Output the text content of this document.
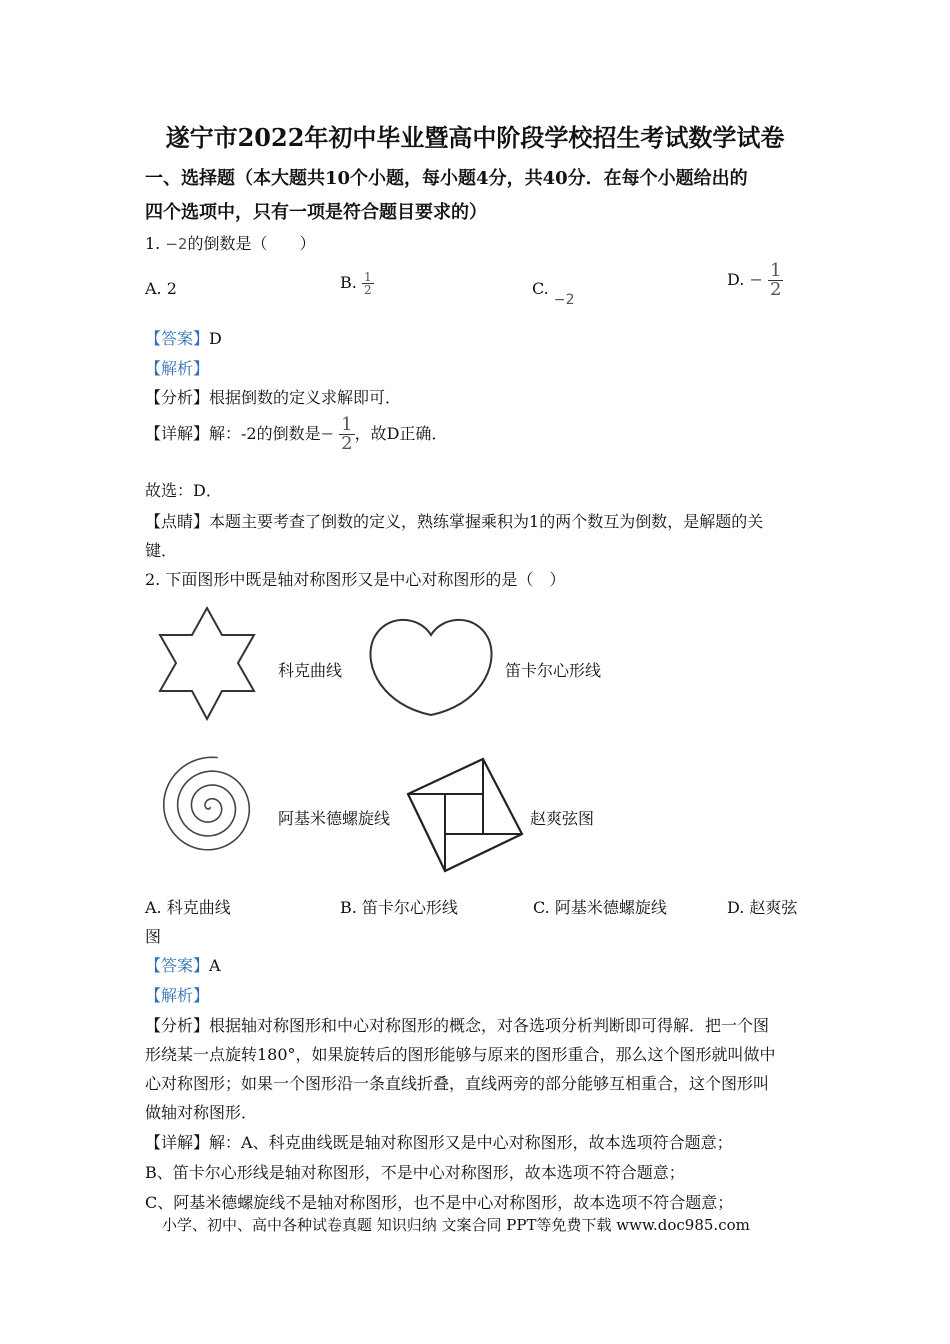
遂宁市2022年初中毕业暨高中阶段学校招生考试数学试卷
一、选择题（本大题共10个小题，每小题4分，共40分．在每个小题给出的
四个选项中，只有一项是符合题目要求的）
1. −2的倒数是（　　）
A. 2	B. $\frac{1}{2}$	C. −2
D. − $\frac{1}{2}$
【答案】D
【解析】
【分析】根据倒数的定义求解即可．
【详解】解：-2的倒数是− $\frac{1}{2}$ ，故D正确．
故选：D．
【点睛】本题主要考查了倒数的定义，熟练掌握乘积为1的两个数互为倒数，是解题的关
键．
2. 下面图形中既是轴对称图形又是中心对称图形的是（　）
科克曲线	笛卡尔心形线
阿基米德螺旋线	赵爽弦图
A. 科克曲线	B. 笛卡尔心形线	C. 阿基米德螺旋线	D. 赵爽弦
图
【答案】A
【解析】
【分析】根据轴对称图形和中心对称图形的概念，对各选项分析判断即可得解．把一个图
形绕某一点旋转180°，如果旋转后的图形能够与原来的图形重合，那么这个图形就叫做中
心对称图形；如果一个图形沿一条直线折叠，直线两旁的部分能够互相重合，这个图形叫
做轴对称图形．
【详解】解：A、科克曲线既是轴对称图形又是中心对称图形，故本选项符合题意；
B、笛卡尔心形线是轴对称图形，不是中心对称图形，故本选项不符合题意；
C、阿基米德螺旋线不是轴对称图形，也不是中心对称图形，故本选项不符合题意；
小学、初中、高中各种试卷真题 知识归纳 文案合同 PPT等免费下载 www.doc985.com
